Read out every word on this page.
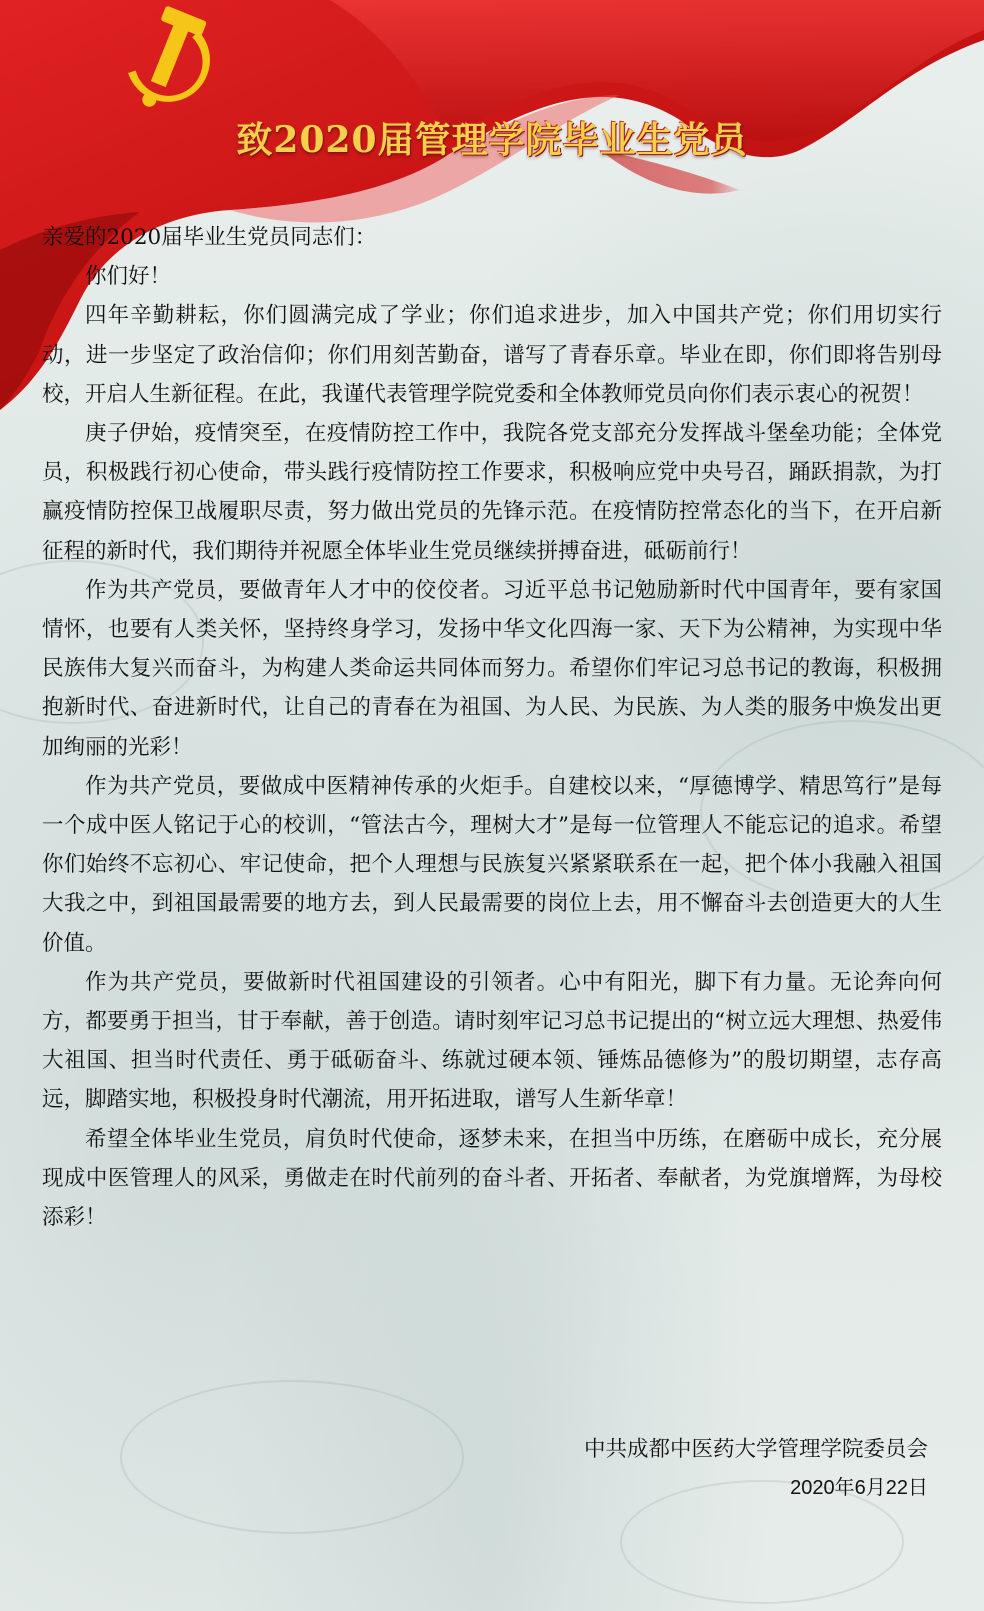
致2020届管理学院毕业生党员

亲爱的2020届毕业生党员同志们：

你们好！

四年辛勤耕耘，你们圆满完成了学业；你们追求进步，加入中国共产党；你们用切实行动，进一步坚定了政治信仰；你们用刻苦勤奋，谱写了青春乐章。毕业在即，你们即将告别母校，开启人生新征程。在此，我谨代表管理学院党委和全体教师党员向你们表示衷心的祝贺！

庚子伊始，疫情突至，在疫情防控工作中，我院各党支部充分发挥战斗堡垒功能；全体党员，积极践行初心使命，带头践行疫情防控工作要求，积极响应党中央号召，踊跃捐款，为打赢疫情防控保卫战履职尽责，努力做出党员的先锋示范。在疫情防控常态化的当下，在开启新征程的新时代，我们期待并祝愿全体毕业生党员继续拼搏奋进，砥砺前行！

作为共产党员，要做青年人才中的佼佼者。习近平总书记勉励新时代中国青年，要有家国情怀，也要有人类关怀，坚持终身学习，发扬中华文化四海一家、天下为公精神，为实现中华民族伟大复兴而奋斗，为构建人类命运共同体而努力。希望你们牢记习总书记的教诲，积极拥抱新时代、奋进新时代，让自己的青春在为祖国、为人民、为民族、为人类的服务中焕发出更加绚丽的光彩！

作为共产党员，要做成中医精神传承的火炬手。自建校以来，“厚德博学、精思笃行”是每一个成中医人铭记于心的校训，“管法古今，理树大才”是每一位管理人不能忘记的追求。希望你们始终不忘初心、牢记使命，把个人理想与民族复兴紧紧联系在一起，把个体小我融入祖国大我之中，到祖国最需要的地方去，到人民最需要的岗位上去，用不懈奋斗去创造更大的人生价值。

作为共产党员，要做新时代祖国建设的引领者。心中有阳光，脚下有力量。无论奔向何方，都要勇于担当，甘于奉献，善于创造。请时刻牢记习总书记提出的“树立远大理想、热爱伟大祖国、担当时代责任、勇于砥砺奋斗、练就过硬本领、锤炼品德修为”的殷切期望，志存高远，脚踏实地，积极投身时代潮流，用开拓进取，谱写人生新华章！

希望全体毕业生党员，肩负时代使命，逐梦未来，在担当中历练，在磨砺中成长，充分展现成中医管理人的风采，勇做走在时代前列的奋斗者、开拓者、奉献者，为党旗增辉，为母校添彩！

中共成都中医药大学管理学院委员会
2020年6月22日
